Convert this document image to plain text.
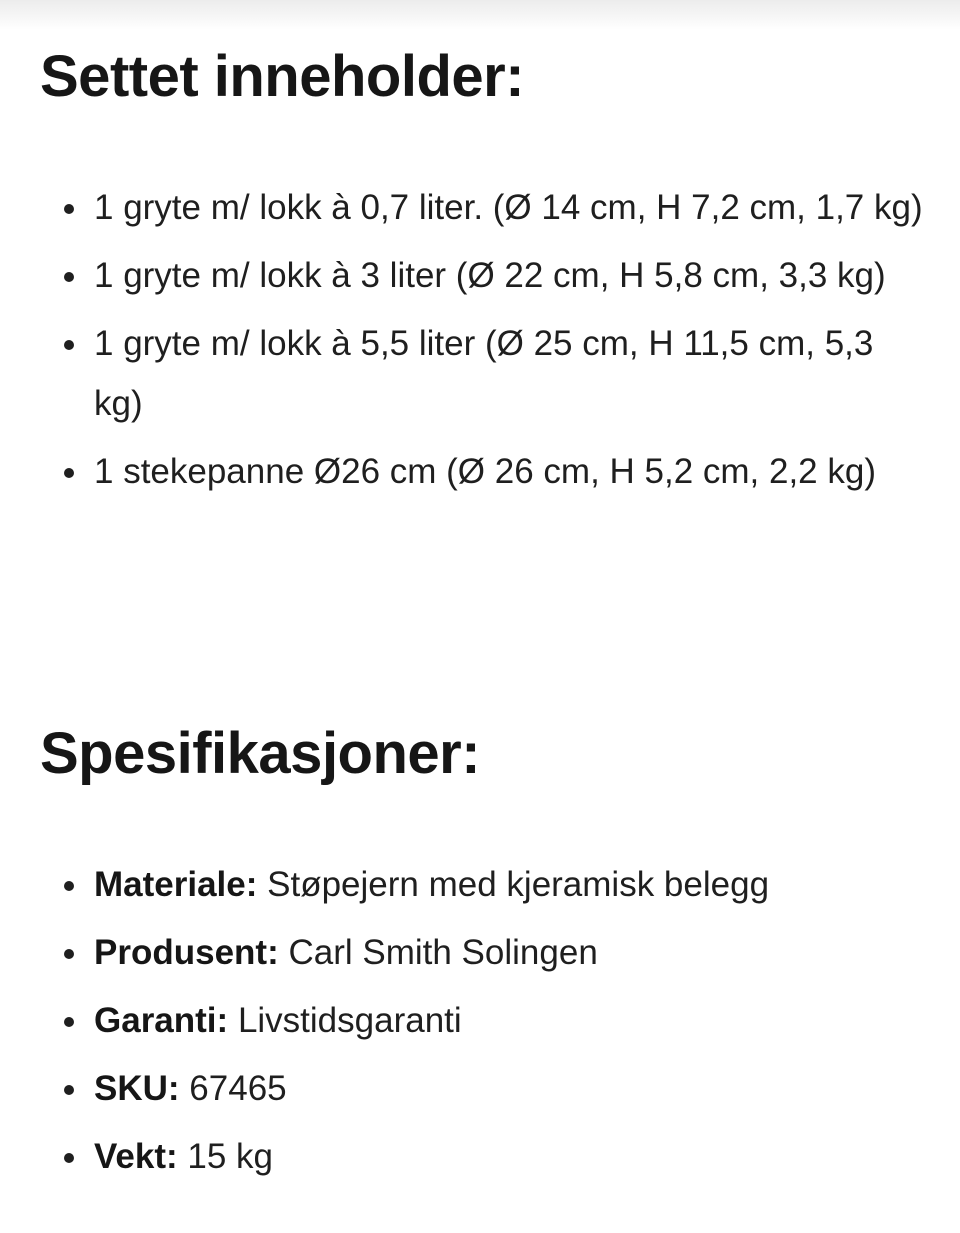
Settet inneholder:
1 gryte m/ lokk à 0,7 liter. (Ø 14 cm, H 7,2 cm, 1,7 kg)
1 gryte m/ lokk à 3 liter (Ø 22 cm, H 5,8 cm, 3,3 kg)
1 gryte m/ lokk à 5,5 liter (Ø 25 cm, H 11,5 cm, 5,3 kg)
1 stekepanne Ø26 cm (Ø 26 cm, H 5,2 cm, 2,2 kg)
Spesifikasjoner:
Materiale: Støpejern med kjeramisk belegg
Produsent: Carl Smith Solingen
Garanti: Livstidsgaranti
SKU: 67465
Vekt: 15 kg
